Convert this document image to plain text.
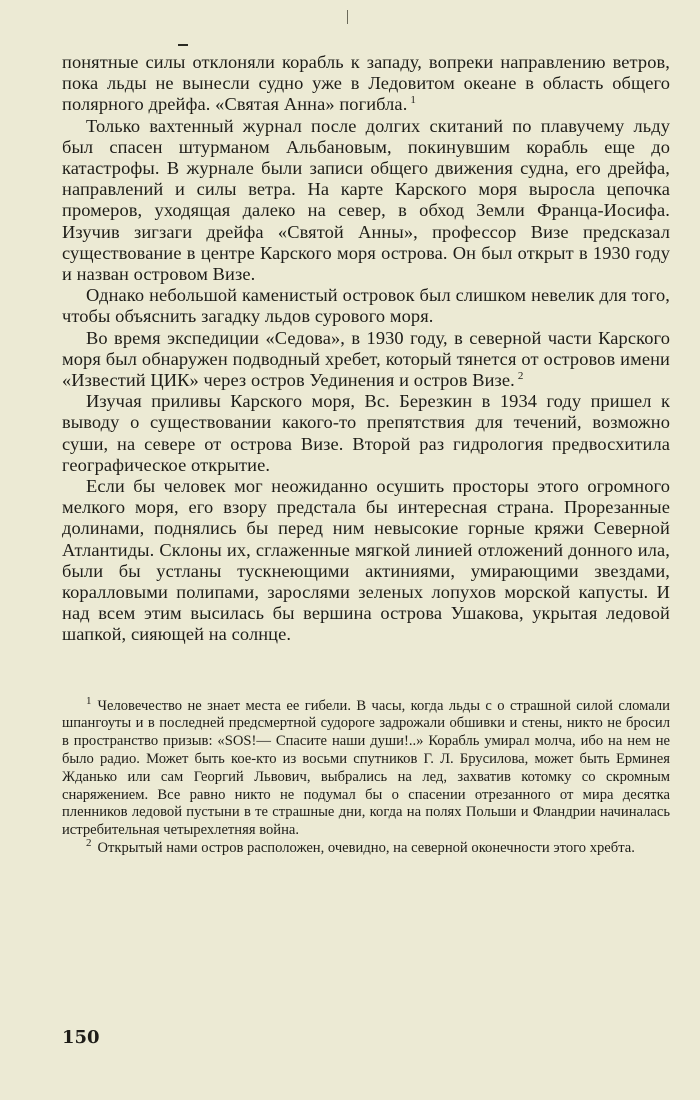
понятные силы отклоняли корабль к западу, вопреки направлению ветров, пока льды не вынесли судно уже в Ледовитом океане в область общего полярного дрейфа. «Святая Анна» погибла. $^1$

Только вахтенный журнал после долгих скитаний по плавучему льду был спасен штурманом Альбановым, покинувшим корабль еще до катастрофы. В журнале были записи общего движения судна, его дрейфа, направлений и силы ветра. На карте Карского моря выросла цепочка промеров, уходящая далеко на север, в обход Земли Франца-Иосифа. Изучив зигзаги дрейфа «Святой Анны», профессор Визе предсказал существование в центре Карского моря острова. Он был открыт в 1930 году и назван островом Визе.

Однако небольшой каменистый островок был слишком невелик для того, чтобы объяснить загадку льдов сурового моря.

Во время экспедиции «Седова», в 1930 году, в северной части Карского моря был обнаружен подводный хребет, который тянется от островов имени «Известий ЦИК» через остров Уединения и остров Визе. $^2$

Изучая приливы Карского моря, Вс. Березкин в 1934 году пришел к выводу о существовании какого-то препятствия для течений, возможно суши, на севере от острова Визе. Второй раз гидрология предвосхитила географическое открытие.

Если бы человек мог неожиданно осушить просторы этого огромного мелкого моря, его взору предстала бы интересная страна. Прорезанные долинами, поднялись бы перед ним невысокие горные кряжи Северной Атлантиды. Склоны их, сглаженные мягкой линией отложений донного ила, были бы устланы тускнеющими актиниями, умирающими звездами, коралловыми полипами, зарослями зеленых лопухов морской капусты. И над всем этим высилась бы вершина острова Ушакова, укрытая ледовой шапкой, сияющей на солнце.

$^1$ Человечество не знает места ее гибели. В часы, когда льды с о страшной силой сломали шпангоуты и в последней предсмертной судороге задрожали обшивки и стены, никто не бросил в пространство призыв: «SOS!— Спасите наши души!..» Корабль умирал молча, ибо на нем не было радио. Может быть кое-кто из восьми спутников Г. Л. Брусилова, может быть Ерминея Жданько или сам Георгий Львович, выбрались на лед, захватив котомку со скромным снаряжением. Все равно никто не подумал бы о спасении отрезанного от мира десятка пленников ледовой пустыни в те страшные дни, когда на полях Польши и Фландрии начиналась истребительная четырехлетняя война.

$^2$ Открытый нами остров расположен, очевидно, на северной оконечности этого хребта.

150
